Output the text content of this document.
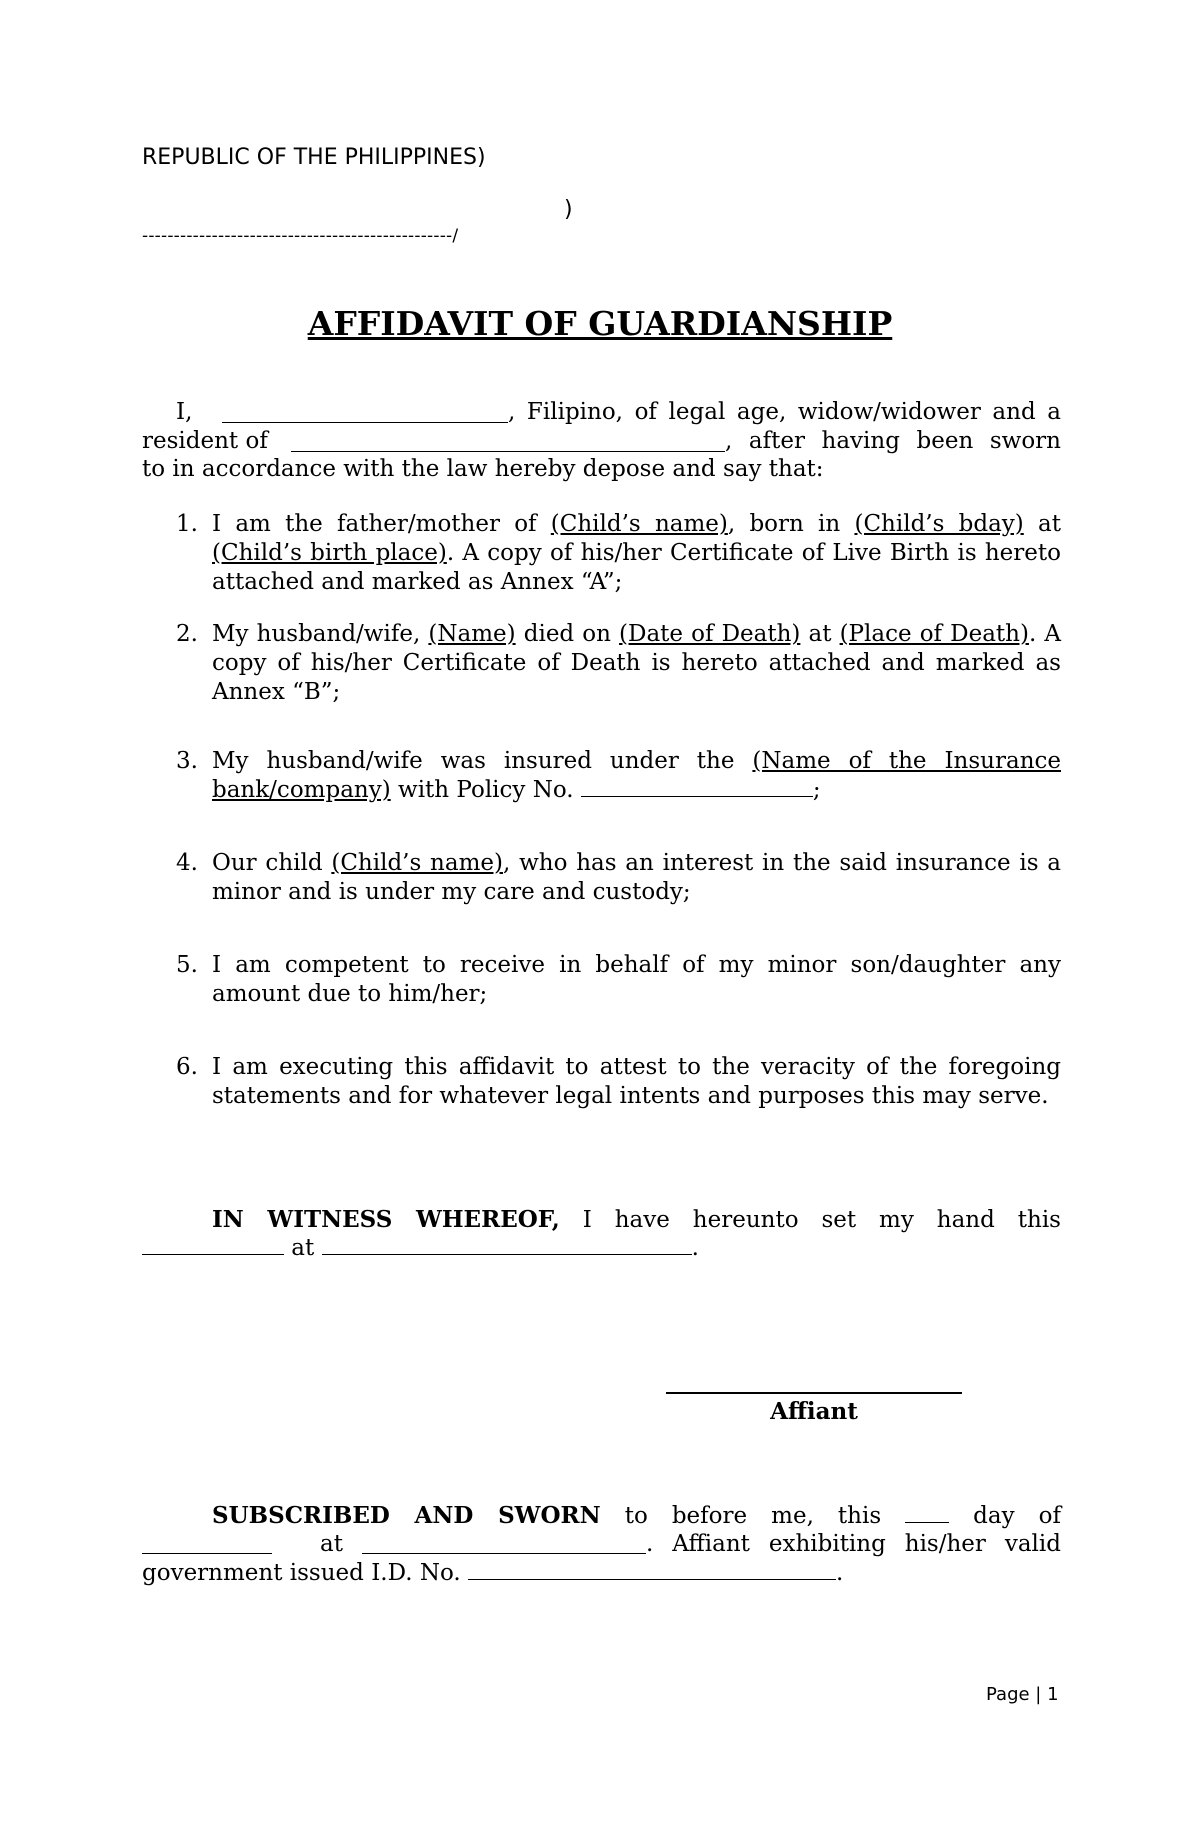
REPUBLIC OF THE PHILIPPINES)
)
-------------------------------------------------/
AFFIDAVIT OF GUARDIANSHIP
I,	, Filipino, of legal age, widow/widower and a
resident of	, after having been sworn
to in accordance with the law hereby depose and say that:
1. I am the father/mother of (Child’s name), born in (Child’s bday) at (Child’s birth place). A copy of his/her Certificate of Live Birth is hereto attached and marked as Annex “A”;
2. My husband/wife, (Name) died on (Date of Death) at (Place of Death). A copy of his/her Certificate of Death is hereto attached and marked as Annex “B”;
3. My husband/wife was insured under the (Name of the Insurance bank/company) with Policy No.	;
4. Our child (Child’s name), who has an interest in the said insurance is a minor and is under my care and custody;
5. I am competent to receive in behalf of my minor son/daughter any amount due to him/her;
6. I am executing this affidavit to attest to the veracity of the foregoing statements and for whatever legal intents and purposes this may serve.
IN WITNESS WHEREOF, I have hereunto set my hand this
at	.
Affiant
SUBSCRIBED AND SWORN to before me, this  day of
at	. Affiant exhibiting his/her valid
government issued I.D. No.	.
Page | 1
